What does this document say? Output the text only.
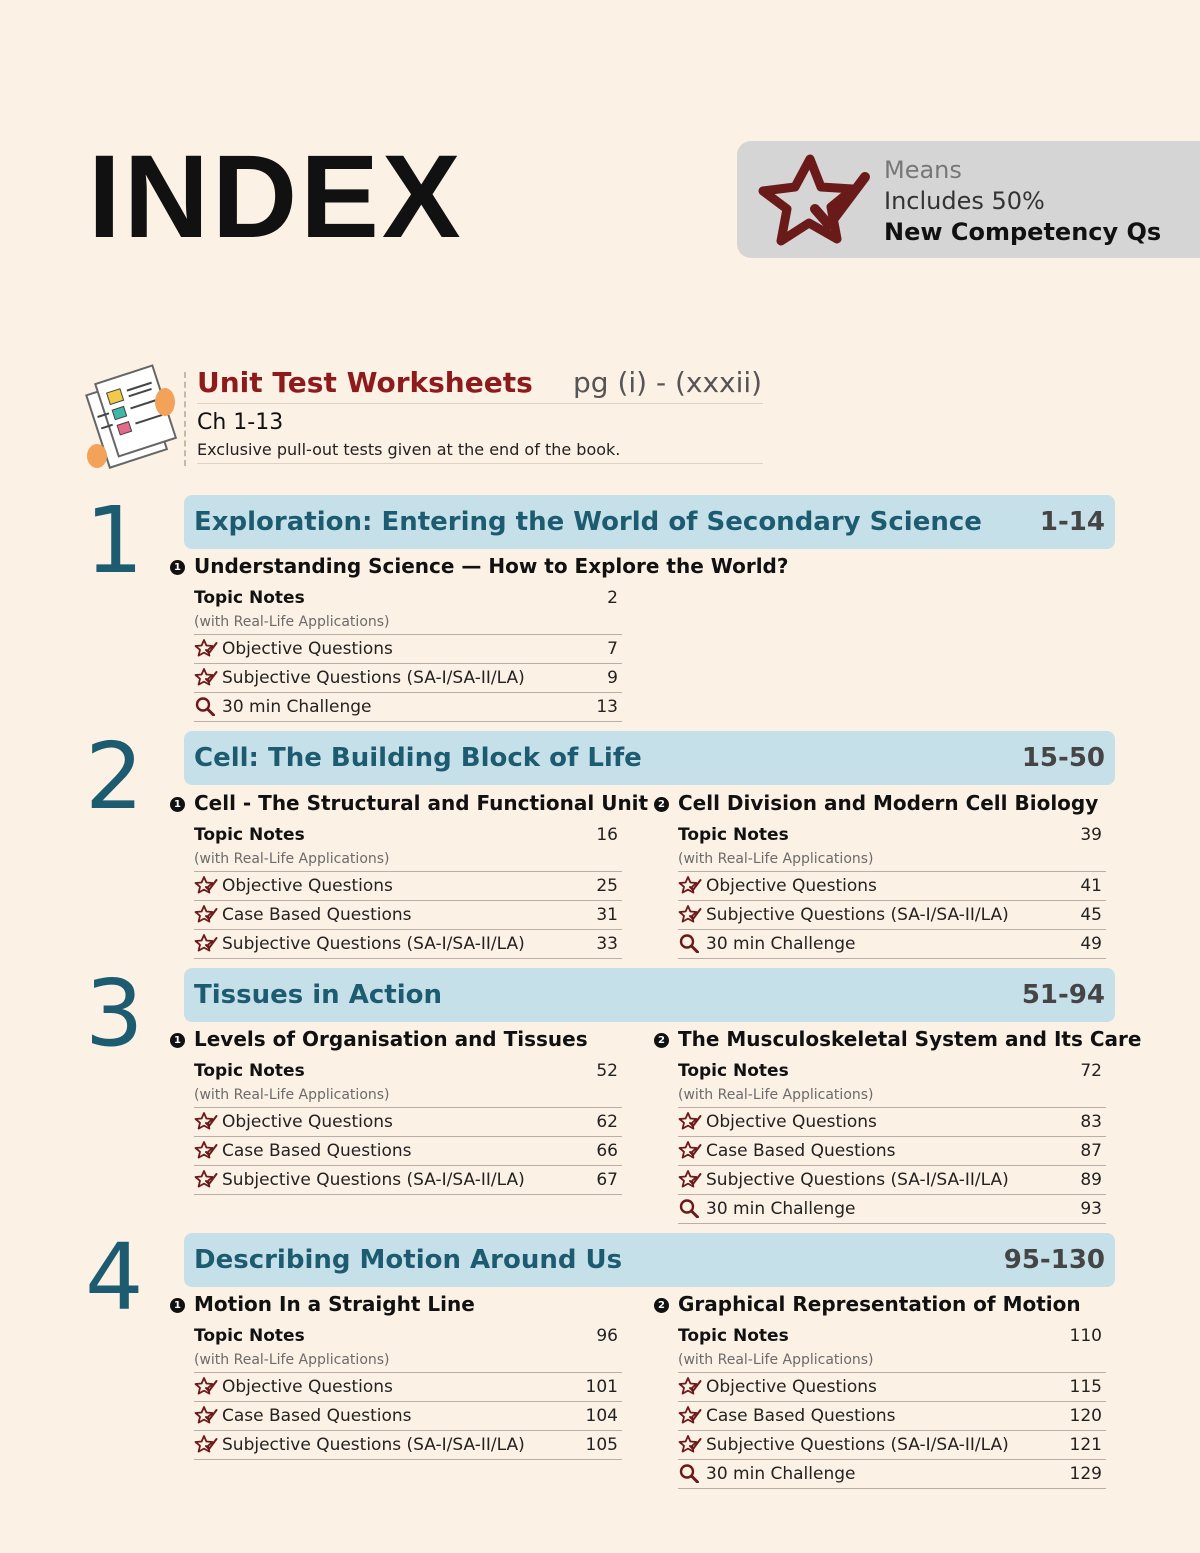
INDEX	Means
Includes 50%
New Competency Qs
Unit Test Worksheets pg (i) - (xxxii)
Ch 1-13
Exclusive pull-out tests given at the end of the book.
1 Exploration: Entering the World of Secondary Science 1-14
1 Understanding Science — How to Explore the World?
Topic Notes	2
(with Real-Life Applications)
Objective Questions	7
Subjective Questions (SA-I/SA-II/LA)	9
30 min Challenge	13
2 Cell: The Building Block of Life	15-50
1 Cell - The Structural and Functional Unit
Topic Notes	16
(with Real-Life Applications)
Objective Questions	25
Case Based Questions	31
Subjective Questions (SA-I/SA-II/LA)	33
2 Cell Division and Modern Cell Biology
Topic Notes	39
(with Real-Life Applications)
Objective Questions	41
Subjective Questions (SA-I/SA-II/LA)	45
30 min Challenge	49
3 Tissues in Action	51-94
1 Levels of Organisation and Tissues
Topic Notes	52
(with Real-Life Applications)
Objective Questions	62
Case Based Questions	66
Subjective Questions (SA-I/SA-II/LA)	67
2 The Musculoskeletal System and Its Care
Topic Notes	72
(with Real-Life Applications)
Objective Questions	83
Case Based Questions	87
Subjective Questions (SA-I/SA-II/LA)	89
30 min Challenge	93
4 Describing Motion Around Us	95-130
1 Motion In a Straight Line
Topic Notes	96
(with Real-Life Applications)
Objective Questions	101
Case Based Questions	104
Subjective Questions (SA-I/SA-II/LA)	105
2 Graphical Representation of Motion
Topic Notes	110
(with Real-Life Applications)
Objective Questions	115
Case Based Questions	120
Subjective Questions (SA-I/SA-II/LA)	121
30 min Challenge	129
